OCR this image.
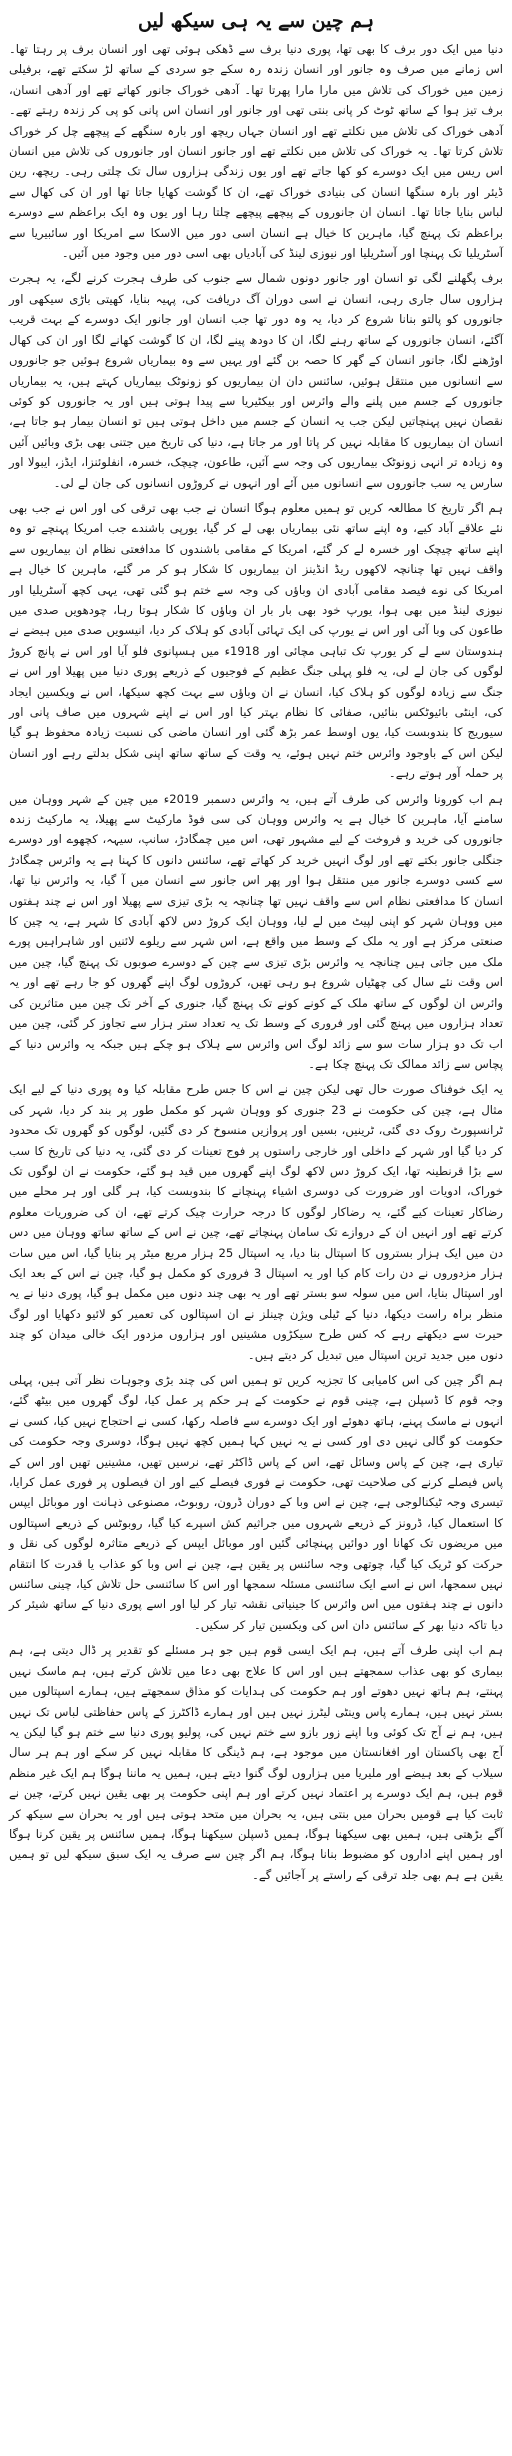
ہم چین سے یہ ہی سیکھ لیں

دنیا میں ایک دور برف کا بھی تھا، پوری دنیا برف سے ڈھکی ہوئی تھی اور انسان برف پر رہتا تھا۔ اس زمانے میں صرف وہ جانور اور انسان زندہ رہ سکے جو سردی کے ساتھ لڑ سکتے تھے، برفیلی زمین میں خوراک کی تلاش میں مارا مارا پھرتا تھا۔ آدھی خوراک جانور کھاتے تھے اور آدھی انسان، برف تیز ہوا کے ساتھ ٹوٹ کر پانی بنتی تھی اور جانور اور انسان اس پانی کو پی کر زندہ رہتے تھے۔ آدھی خوراک کی تلاش میں نکلتے تھے اور انسان جہاں ریچھ اور بارہ سنگھے کے پیچھے چل کر خوراک تلاش کرتا تھا۔ یہ خوراک کی تلاش میں نکلتے تھے اور جانور انسان اور جانوروں کی تلاش میں انسان اس ریس میں ایک دوسرے کو کھا جاتے تھے اور یوں زندگی ہزاروں سال تک چلتی رہی۔ ریچھ، رین ڈیئر اور بارہ سنگھا انسان کی بنیادی خوراک تھے، ان کا گوشت کھایا جاتا تھا اور ان کی کھال سے لباس بنایا جاتا تھا۔ انسان ان جانوروں کے پیچھے پیچھے چلتا رہا اور یوں وہ ایک براعظم سے دوسرے براعظم تک پہنچ گیا، ماہرین کا خیال ہے انسان اسی دور میں الاسکا سے امریکا اور سائبیریا سے آسٹریلیا تک پہنچا اور آسٹریلیا اور نیوزی لینڈ کی آبادیاں بھی اسی دور میں وجود میں آئیں۔

برف پگھلنے لگی تو انسان اور جانور دونوں شمال سے جنوب کی طرف ہجرت کرنے لگے، یہ ہجرت ہزاروں سال جاری رہی، انسان نے اسی دوران آگ دریافت کی، پہیہ بنایا، کھیتی باڑی سیکھی اور جانوروں کو پالتو بنانا شروع کر دیا، یہ وہ دور تھا جب انسان اور جانور ایک دوسرے کے بہت قریب آگئے، انسان جانوروں کے ساتھ رہنے لگا، ان کا دودھ پینے لگا، ان کا گوشت کھانے لگا اور ان کی کھال اوڑھنے لگا، جانور انسان کے گھر کا حصہ بن گئے اور یہیں سے وہ بیماریاں شروع ہوئیں جو جانوروں سے انسانوں میں منتقل ہوئیں، سائنس دان ان بیماریوں کو زونوٹک بیماریاں کہتے ہیں، یہ بیماریاں جانوروں کے جسم میں پلنے والے وائرس اور بیکٹیریا سے پیدا ہوتی ہیں اور یہ جانوروں کو کوئی نقصان نہیں پہنچاتیں لیکن جب یہ انسان کے جسم میں داخل ہوتی ہیں تو انسان بیمار ہو جاتا ہے، انسان ان بیماریوں کا مقابلہ نہیں کر پاتا اور مر جاتا ہے، دنیا کی تاریخ میں جتنی بھی بڑی وبائیں آئیں وہ زیادہ تر انہی زونوٹک بیماریوں کی وجہ سے آئیں، طاعون، چیچک، خسرہ، انفلوئنزا، ایڈز، ایبولا اور سارس یہ سب جانوروں سے انسانوں میں آئے اور انہوں نے کروڑوں انسانوں کی جان لے لی۔

ہم اگر تاریخ کا مطالعہ کریں تو ہمیں معلوم ہوگا انسان نے جب بھی ترقی کی اور اس نے جب بھی نئے علاقے آباد کیے، وہ اپنے ساتھ نئی بیماریاں بھی لے کر گیا، یورپی باشندے جب امریکا پہنچے تو وہ اپنے ساتھ چیچک اور خسرہ لے کر گئے، امریکا کے مقامی باشندوں کا مدافعتی نظام ان بیماریوں سے واقف نہیں تھا چنانچہ لاکھوں ریڈ انڈینز ان بیماریوں کا شکار ہو کر مر گئے، ماہرین کا خیال ہے امریکا کی نوے فیصد مقامی آبادی ان وباؤں کی وجہ سے ختم ہو گئی تھی، یہی کچھ آسٹریلیا اور نیوزی لینڈ میں بھی ہوا، یورپ خود بھی بار بار ان وباؤں کا شکار ہوتا رہا، چودھویں صدی میں طاعون کی وبا آئی اور اس نے یورپ کی ایک تہائی آبادی کو ہلاک کر دیا، انیسویں صدی میں ہیضے نے ہندوستان سے لے کر یورپ تک تباہی مچائی اور 1918ء میں ہسپانوی فلو آیا اور اس نے پانچ کروڑ لوگوں کی جان لے لی، یہ فلو پہلی جنگ عظیم کے فوجیوں کے ذریعے پوری دنیا میں پھیلا اور اس نے جنگ سے زیادہ لوگوں کو ہلاک کیا، انسان نے ان وباؤں سے بہت کچھ سیکھا، اس نے ویکسین ایجاد کی، اینٹی بائیوٹکس بنائیں، صفائی کا نظام بہتر کیا اور اس نے اپنے شہروں میں صاف پانی اور سیوریج کا بندوبست کیا، یوں اوسط عمر بڑھ گئی اور انسان ماضی کی نسبت زیادہ محفوظ ہو گیا لیکن اس کے باوجود وائرس ختم نہیں ہوئے، یہ وقت کے ساتھ ساتھ اپنی شکل بدلتے رہے اور انسان پر حملہ آور ہوتے رہے۔

ہم اب کورونا وائرس کی طرف آتے ہیں، یہ وائرس دسمبر 2019ء میں چین کے شہر ووہان میں سامنے آیا، ماہرین کا خیال ہے یہ وائرس ووہان کی سی فوڈ مارکیٹ سے پھیلا، یہ مارکیٹ زندہ جانوروں کی خرید و فروخت کے لیے مشہور تھی، اس میں چمگادڑ، سانپ، سیہہ، کچھوے اور دوسرے جنگلی جانور بکتے تھے اور لوگ انہیں خرید کر کھاتے تھے، سائنس دانوں کا کہنا ہے یہ وائرس چمگادڑ سے کسی دوسرے جانور میں منتقل ہوا اور پھر اس جانور سے انسان میں آ گیا، یہ وائرس نیا تھا، انسان کا مدافعتی نظام اس سے واقف نہیں تھا چنانچہ یہ بڑی تیزی سے پھیلا اور اس نے چند ہفتوں میں ووہان شہر کو اپنی لپیٹ میں لے لیا، ووہان ایک کروڑ دس لاکھ آبادی کا شہر ہے، یہ چین کا صنعتی مرکز ہے اور یہ ملک کے وسط میں واقع ہے، اس شہر سے ریلوے لائنیں اور شاہراہیں پورے ملک میں جاتی ہیں چنانچہ یہ وائرس بڑی تیزی سے چین کے دوسرے صوبوں تک پہنچ گیا، چین میں اس وقت نئے سال کی چھٹیاں شروع ہو رہی تھیں، کروڑوں لوگ اپنے گھروں کو جا رہے تھے اور یہ وائرس ان لوگوں کے ساتھ ملک کے کونے کونے تک پہنچ گیا، جنوری کے آخر تک چین میں متاثرین کی تعداد ہزاروں میں پہنچ گئی اور فروری کے وسط تک یہ تعداد ستر ہزار سے تجاوز کر گئی، چین میں اب تک دو ہزار سات سو سے زائد لوگ اس وائرس سے ہلاک ہو چکے ہیں جبکہ یہ وائرس دنیا کے پچاس سے زائد ممالک تک پہنچ چکا ہے۔

یہ ایک خوفناک صورت حال تھی لیکن چین نے اس کا جس طرح مقابلہ کیا وہ پوری دنیا کے لیے ایک مثال ہے، چین کی حکومت نے 23 جنوری کو ووہان شہر کو مکمل طور پر بند کر دیا، شہر کی ٹرانسپورٹ روک دی گئی، ٹرینیں، بسیں اور پروازیں منسوخ کر دی گئیں، لوگوں کو گھروں تک محدود کر دیا گیا اور شہر کے داخلی اور خارجی راستوں پر فوج تعینات کر دی گئی، یہ دنیا کی تاریخ کا سب سے بڑا قرنطینہ تھا، ایک کروڑ دس لاکھ لوگ اپنے گھروں میں قید ہو گئے، حکومت نے ان لوگوں تک خوراک، ادویات اور ضرورت کی دوسری اشیاء پہنچانے کا بندوبست کیا، ہر گلی اور ہر محلے میں رضاکار تعینات کیے گئے، یہ رضاکار لوگوں کا درجہ حرارت چیک کرتے تھے، ان کی ضروریات معلوم کرتے تھے اور انہیں ان کے دروازے تک سامان پہنچاتے تھے، چین نے اس کے ساتھ ساتھ ووہان میں دس دن میں ایک ہزار بستروں کا اسپتال بنا دیا، یہ اسپتال 25 ہزار مربع میٹر پر بنایا گیا، اس میں سات ہزار مزدوروں نے دن رات کام کیا اور یہ اسپتال 3 فروری کو مکمل ہو گیا، چین نے اس کے بعد ایک اور اسپتال بنایا، اس میں سولہ سو بستر تھے اور یہ بھی چند دنوں میں مکمل ہو گیا، پوری دنیا نے یہ منظر براہ راست دیکھا، دنیا کے ٹیلی ویژن چینلز نے ان اسپتالوں کی تعمیر کو لائیو دکھایا اور لوگ حیرت سے دیکھتے رہے کہ کس طرح سیکڑوں مشینیں اور ہزاروں مزدور ایک خالی میدان کو چند دنوں میں جدید ترین اسپتال میں تبدیل کر دیتے ہیں۔

ہم اگر چین کی اس کامیابی کا تجزیہ کریں تو ہمیں اس کی چند بڑی وجوہات نظر آتی ہیں، پہلی وجہ قوم کا ڈسپلن ہے، چینی قوم نے حکومت کے ہر حکم پر عمل کیا، لوگ گھروں میں بیٹھ گئے، انہوں نے ماسک پہنے، ہاتھ دھوئے اور ایک دوسرے سے فاصلہ رکھا، کسی نے احتجاج نہیں کیا، کسی نے حکومت کو گالی نہیں دی اور کسی نے یہ نہیں کہا ہمیں کچھ نہیں ہوگا، دوسری وجہ حکومت کی تیاری ہے، چین کے پاس وسائل تھے، اس کے پاس ڈاکٹر تھے، نرسیں تھیں، مشینیں تھیں اور اس کے پاس فیصلے کرنے کی صلاحیت تھی، حکومت نے فوری فیصلے کیے اور ان فیصلوں پر فوری عمل کرایا، تیسری وجہ ٹیکنالوجی ہے، چین نے اس وبا کے دوران ڈرون، روبوٹ، مصنوعی ذہانت اور موبائل ایپس کا استعمال کیا، ڈرونز کے ذریعے شہروں میں جراثیم کش اسپرے کیا گیا، روبوٹس کے ذریعے اسپتالوں میں مریضوں تک کھانا اور دوائیں پہنچائی گئیں اور موبائل ایپس کے ذریعے متاثرہ لوگوں کی نقل و حرکت کو ٹریک کیا گیا، چوتھی وجہ سائنس پر یقین ہے، چین نے اس وبا کو عذاب یا قدرت کا انتقام نہیں سمجھا، اس نے اسے ایک سائنسی مسئلہ سمجھا اور اس کا سائنسی حل تلاش کیا، چینی سائنس دانوں نے چند ہفتوں میں اس وائرس کا جینیاتی نقشہ تیار کر لیا اور اسے پوری دنیا کے ساتھ شیئر کر دیا تاکہ دنیا بھر کے سائنس دان اس کی ویکسین تیار کر سکیں۔

ہم اب اپنی طرف آتے ہیں، ہم ایک ایسی قوم ہیں جو ہر مسئلے کو تقدیر پر ڈال دیتی ہے، ہم بیماری کو بھی عذاب سمجھتے ہیں اور اس کا علاج بھی دعا میں تلاش کرتے ہیں، ہم ماسک نہیں پہنتے، ہم ہاتھ نہیں دھوتے اور ہم حکومت کی ہدایات کو مذاق سمجھتے ہیں، ہمارے اسپتالوں میں بستر نہیں ہیں، ہمارے پاس وینٹی لیٹرز نہیں ہیں اور ہمارے ڈاکٹرز کے پاس حفاظتی لباس تک نہیں ہیں، ہم نے آج تک کوئی وبا اپنے زور بازو سے ختم نہیں کی، پولیو پوری دنیا سے ختم ہو گیا لیکن یہ آج بھی پاکستان اور افغانستان میں موجود ہے، ہم ڈینگی کا مقابلہ نہیں کر سکے اور ہم ہر سال سیلاب کے بعد ہیضے اور ملیریا میں ہزاروں لوگ گنوا دیتے ہیں، ہمیں یہ ماننا ہوگا ہم ایک غیر منظم قوم ہیں، ہم ایک دوسرے پر اعتماد نہیں کرتے اور ہم اپنی حکومت پر بھی یقین نہیں کرتے، چین نے ثابت کیا ہے قومیں بحران میں بنتی ہیں، یہ بحران میں متحد ہوتی ہیں اور یہ بحران سے سیکھ کر آگے بڑھتی ہیں، ہمیں بھی سیکھنا ہوگا، ہمیں ڈسپلن سیکھنا ہوگا، ہمیں سائنس پر یقین کرنا ہوگا اور ہمیں اپنے اداروں کو مضبوط بنانا ہوگا، ہم اگر چین سے صرف یہ ایک سبق سیکھ لیں تو ہمیں یقین ہے ہم بھی جلد ترقی کے راستے پر آجائیں گے۔
